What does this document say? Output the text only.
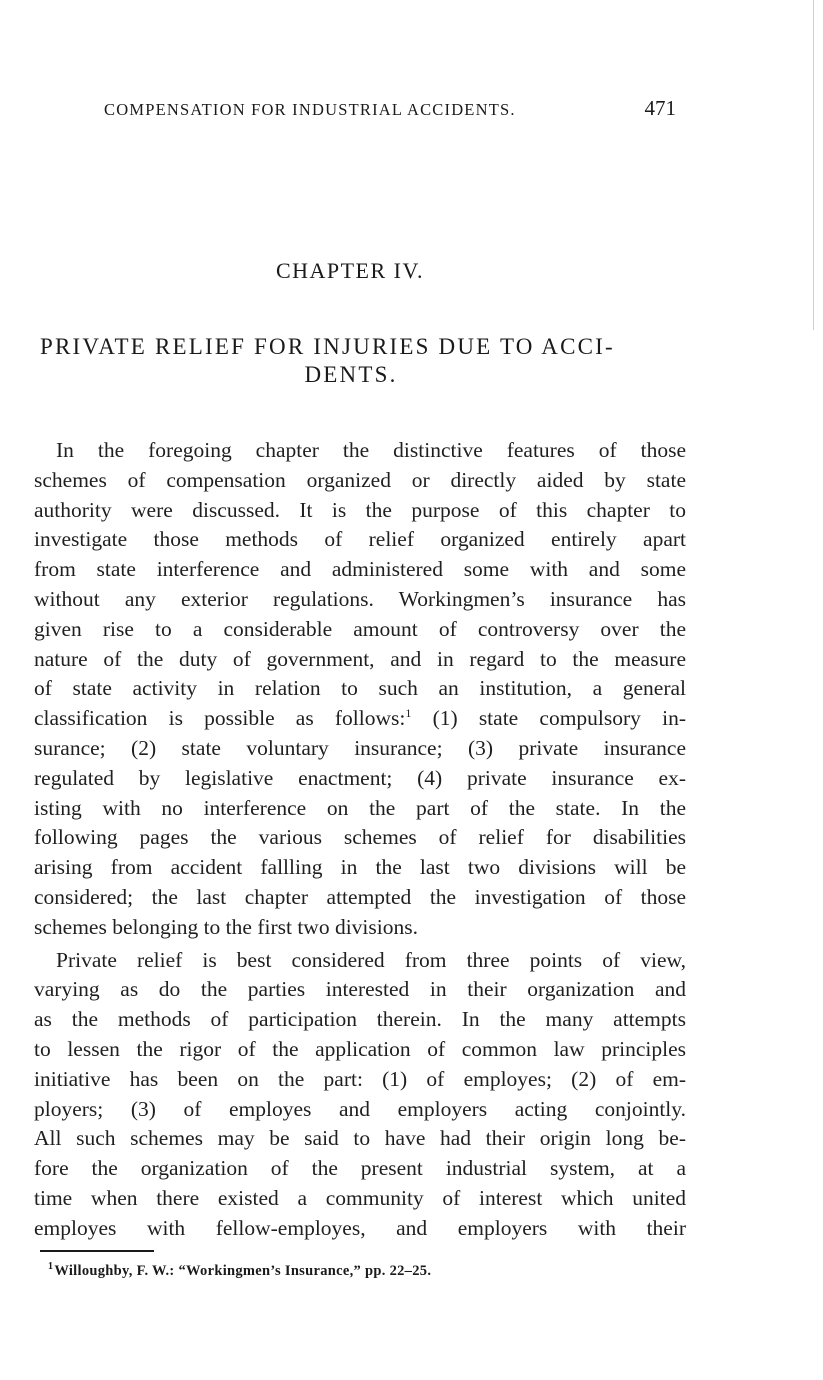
COMPENSATION FOR INDUSTRIAL ACCIDENTS.	471
CHAPTER IV.
PRIVATE RELIEF FOR INJURIES DUE TO ACCI-
DENTS.

In the foregoing chapter the distinctive features of those
schemes of compensation organized or directly aided by state
authority were discussed. It is the purpose of this chapter to
investigate those methods of relief organized entirely apart
from state interference and administered some with and some
without any exterior regulations. Workingmen’s insurance has
given rise to a considerable amount of controversy over the
nature of the duty of government, and in regard to the measure
of state activity in relation to such an institution, a general
classification is possible as follows:$^1$ (1) state compulsory in-
surance; (2) state voluntary insurance; (3) private insurance
regulated by legislative enactment; (4) private insurance ex-
isting with no interference on the part of the state. In the
following pages the various schemes of relief for disabilities
arising from accident fallling in the last two divisions will be
considered; the last chapter attempted the investigation of those
schemes belonging to the first two divisions.

Private relief is best considered from three points of view,
varying as do the parties interested in their organization and
as the methods of participation therein. In the many attempts
to lessen the rigor of the application of common law principles
initiative has been on the part: (1) of employes; (2) of em-
ployers; (3) of employes and employers acting conjointly.
All such schemes may be said to have had their origin long be-
fore the organization of the present industrial system, at a
time when there existed a community of interest which united
employes with fellow-employes, and employers with their

$^1$Willoughby, F. W.: “Workingmen’s Insurance,” pp. 22–25.
